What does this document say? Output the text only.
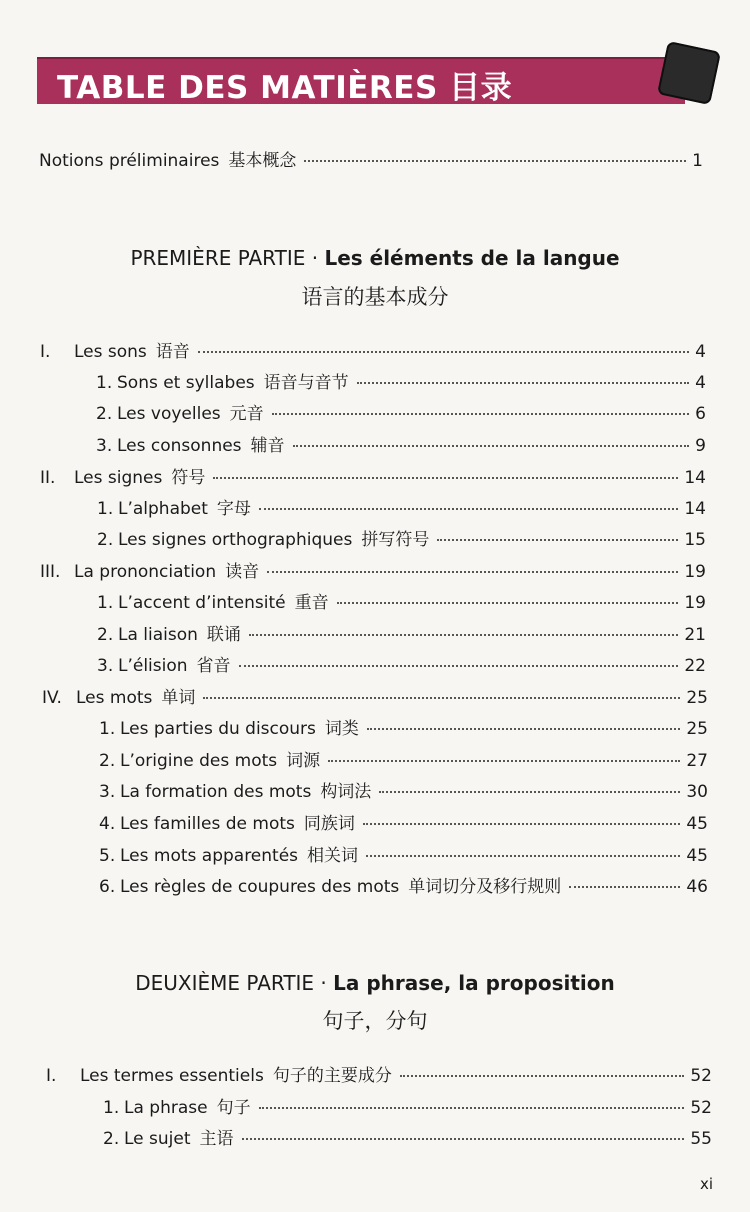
TABLE DES MATIÈRES 目录
Notions préliminaires 基本概念	1
PREMIÈRE PARTIE · Les éléments de la langue
语言的基本成分
I.	Les sons 语音	4
1. Sons et syllabes 语音与音节	4
2. Les voyelles 元音	6
3. Les consonnes 辅音	9
II.	Les signes 符号	14
1. L’alphabet 字母	14
2. Les signes orthographiques 拼写符号	15
III. La prononciation 读音	19
1. L’accent d’intensité 重音	19
2. La liaison 联诵	21
3. L’élision 省音	22
IV. Les mots 单词	25
1. Les parties du discours 词类	25
2. L’origine des mots 词源	27
3. La formation des mots 构词法	30
4. Les familles de mots 同族词	45
5. Les mots apparentés 相关词	45
6. Les règles de coupures des mots 单词切分及移行规则	46
DEUXIÈME PARTIE · La phrase, la proposition
句子，分句
I.	Les termes essentiels 句子的主要成分	52
1. La phrase 句子	52
2. Le sujet 主语	55
xi
